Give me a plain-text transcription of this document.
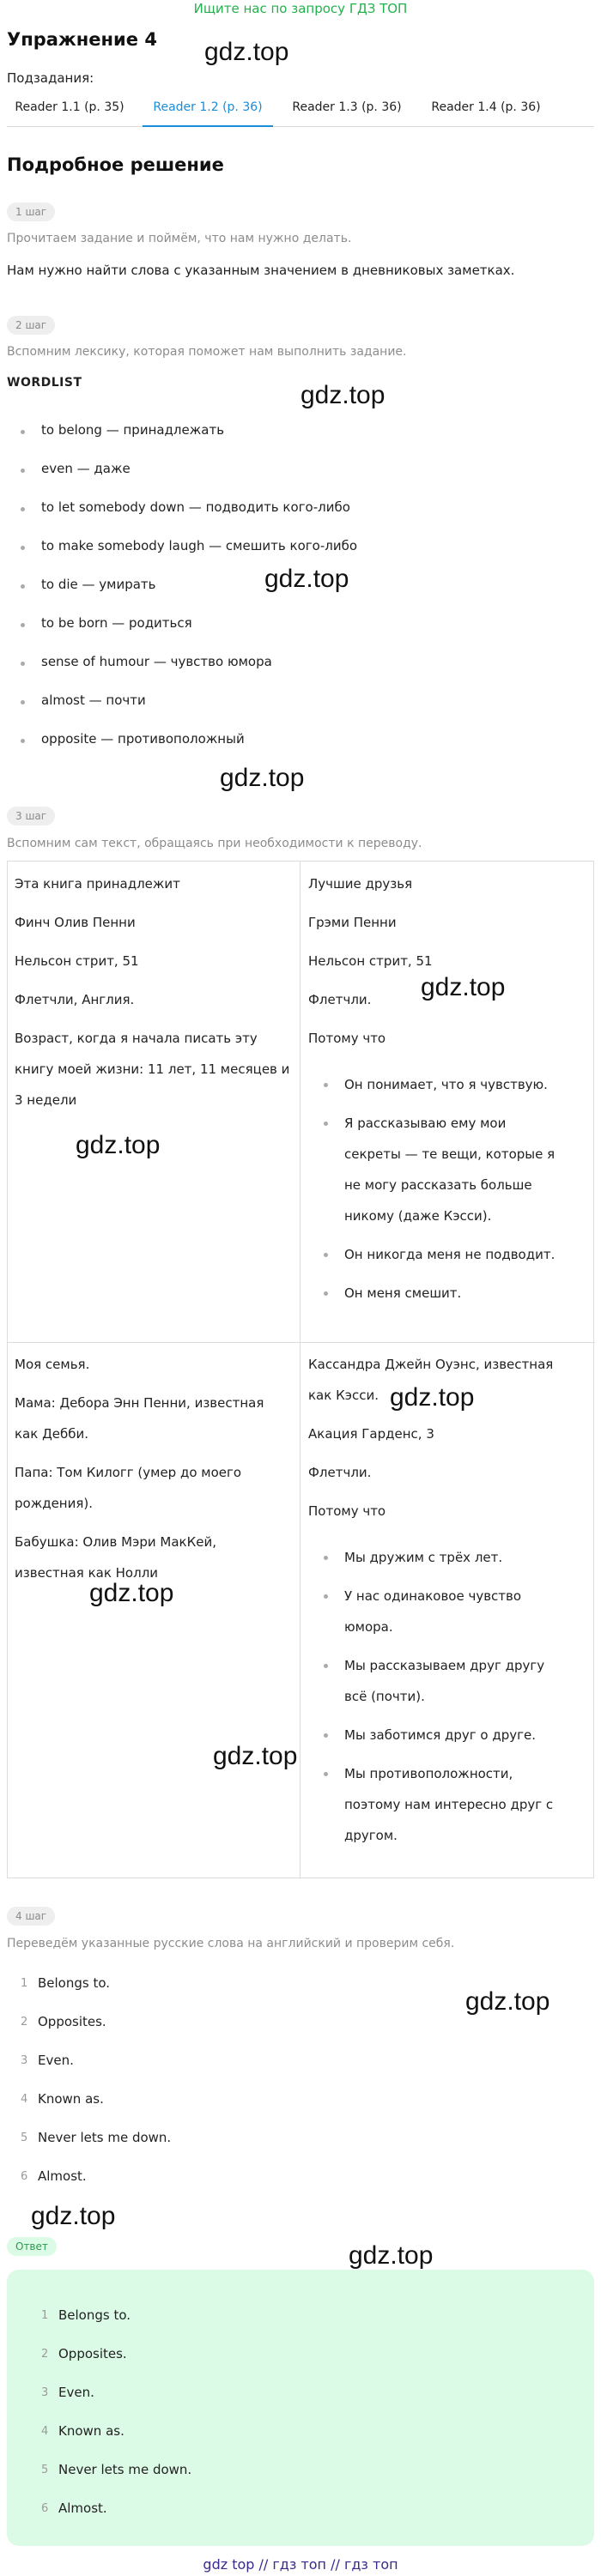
Ищите нас по запросу ГДЗ ТОП
Упражнение 4 gdz.top
Подзадания:
Reader 1.1 (p. 35)	Reader 1.2 (p. 36)	Reader 1.3 (p. 36)	Reader 1.4 (p. 36)
Подробное решение
1 шаг
Прочитаем задание и поймём, что нам нужно делать.
Нам нужно найти слова с указанным значением в дневниковых заметках.
2 шаг
Вспомним лексику, которая поможет нам выполнить задание.
WORDLIST	gdz.top
to belong — принадлежать
even — даже
to let somebody down — подводить кого-либо
to make somebody laugh — смешить кого-либо
to die — умирать	gdz.top
to be born — родиться
sense of humour — чувство юмора
almost — почти
opposite — противоположный
gdz.top
3 шаг
Вспомним сам текст, обращаясь при необходимости к переводу.
Эта книга принадлежит
Финч Олив Пенни
Нельсон стрит, 51
Флетчли, Англия.
Возраст, когда я начала писать эту
книгу моей жизни: 11 лет, 11 месяцев и
3 недели
Лучшие друзья
Грэми Пенни
Нельсон стрит, 51
Флетчли.
Потому что
Он понимает, что я чувствую.
Я рассказываю ему мои
секреты — те вещи, которые я
не могу рассказать больше
никому (даже Кэсси).
Он никогда меня не подводит.
Он меня смешит.
Моя семья.
Мама: Дебора Энн Пенни, известная
как Дебби.
Папа: Том Килогг (умер до моего
рождения).
Бабушка: Олив Мэри МакКей,
известная как Нолли
Кассандра Джейн Оуэнс, известная
как Кэсси.
Акация Гарденс, 3
Флетчли.
Потому что
Мы дружим с трёх лет.
У нас одинаковое чувство
юмора.
Мы рассказываем друг другу
всё (почти).
Мы заботимся друг о друге.
Мы противоположности,
поэтому нам интересно друг с
другом.
gdz.top
gdz.top
gdz.top
gdz.top
gdz.top
4 шаг
Переведём указанные русские слова на английский и проверим себя.
1 Belongs to.
2 Opposites.
3 Even.
4 Known as.
5 Never lets me down.
6 Almost.
gdz.top
gdz.top
Ответ	gdz.top
1 Belongs to.
2 Opposites.
3 Even.
4 Known as.
5 Never lets me down.
6 Almost.
gdz top // гдз топ // гдз топ
